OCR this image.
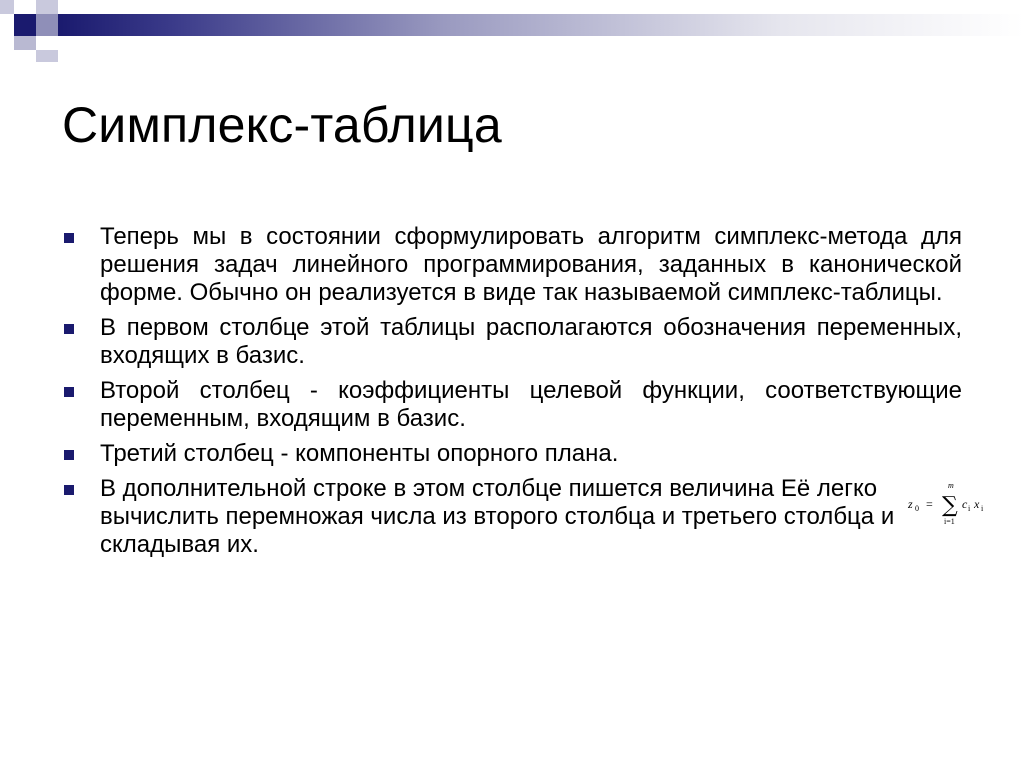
Симплекс-таблица
Теперь мы в состоянии сформулировать алгоритм симплекс-метода для решения задач линейного программирования, заданных в канонической форме. Обычно он реализуется в виде так называемой симплекс-таблицы.
В первом столбце этой таблицы располагаются обозначения переменных, входящих в базис.
Второй столбец - коэффициенты целевой функции, соответствующие переменным, входящим в базис.
Третий столбец - компоненты опорного плана.
В дополнительной строке в этом столбце пишется величина Её легко вычислить перемножая числа из второго столбца и третьего столбца и складывая их.
z 0 =
m
∑
i=1
c i x i
